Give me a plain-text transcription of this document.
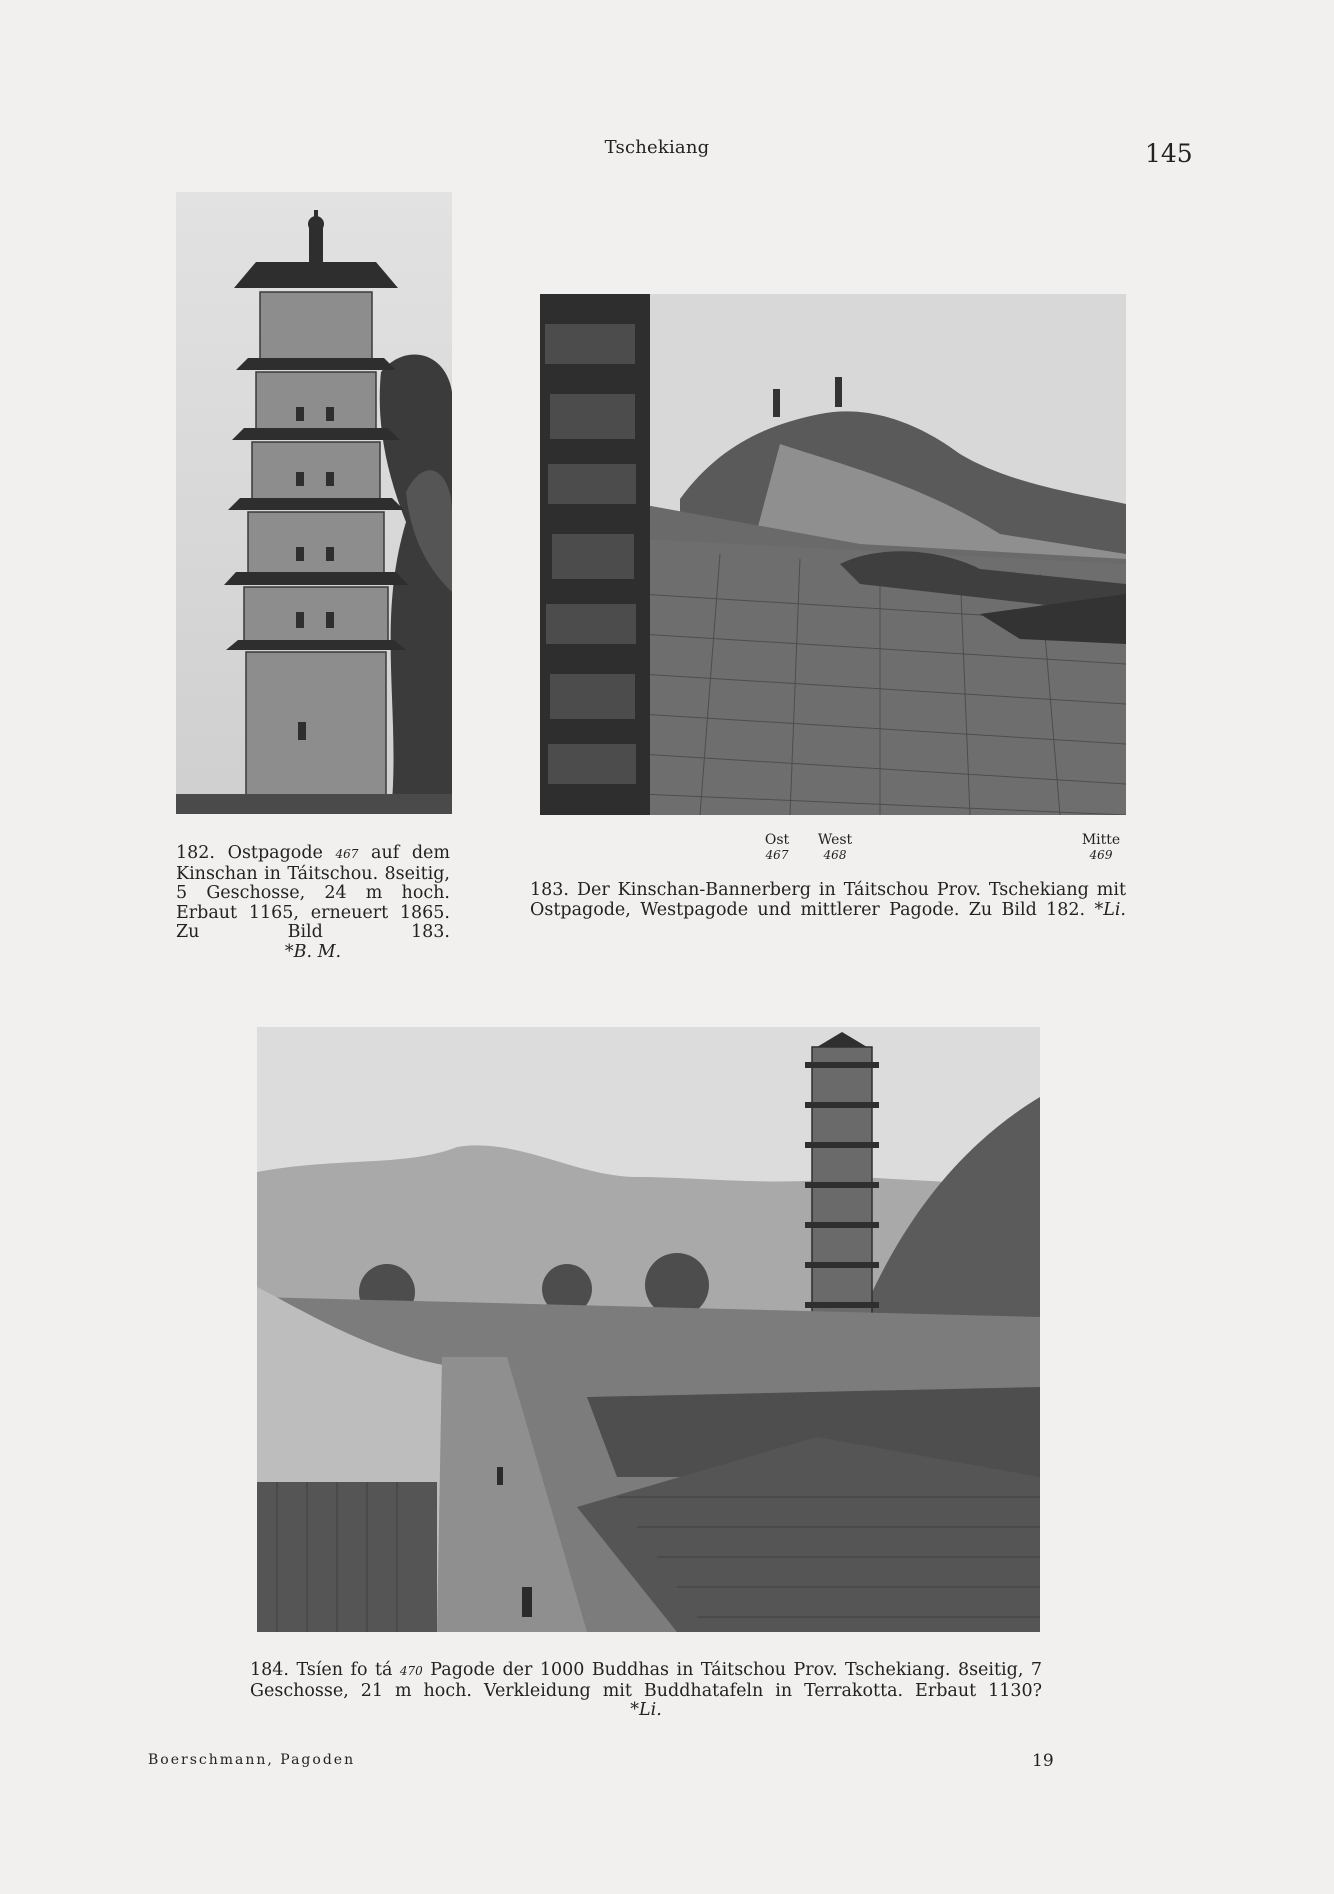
Tschekiang	145
Ost
467
West
468
Mitte
469
182. Ostpagode 467 auf dem Kinschan in Táitschou. 8seitig, 5 Geschosse, 24 m hoch. Erbaut 1165, erneuert 1865. Zu Bild 183.
*B. M.
183. Der Kinschan-Bannerberg in Táitschou Prov. Tschekiang mit Ostpagode, Westpagode und mittlerer Pagode. Zu Bild 182. *Li.
184. Tsíen fo tá 470 Pagode der 1000 Buddhas in Táitschou Prov. Tschekiang. 8seitig, 7 Geschosse, 21 m hoch. Verkleidung mit Buddhatafeln in Terrakotta. Erbaut 1130?
*Li.
Boerschmann, Pagoden	19
